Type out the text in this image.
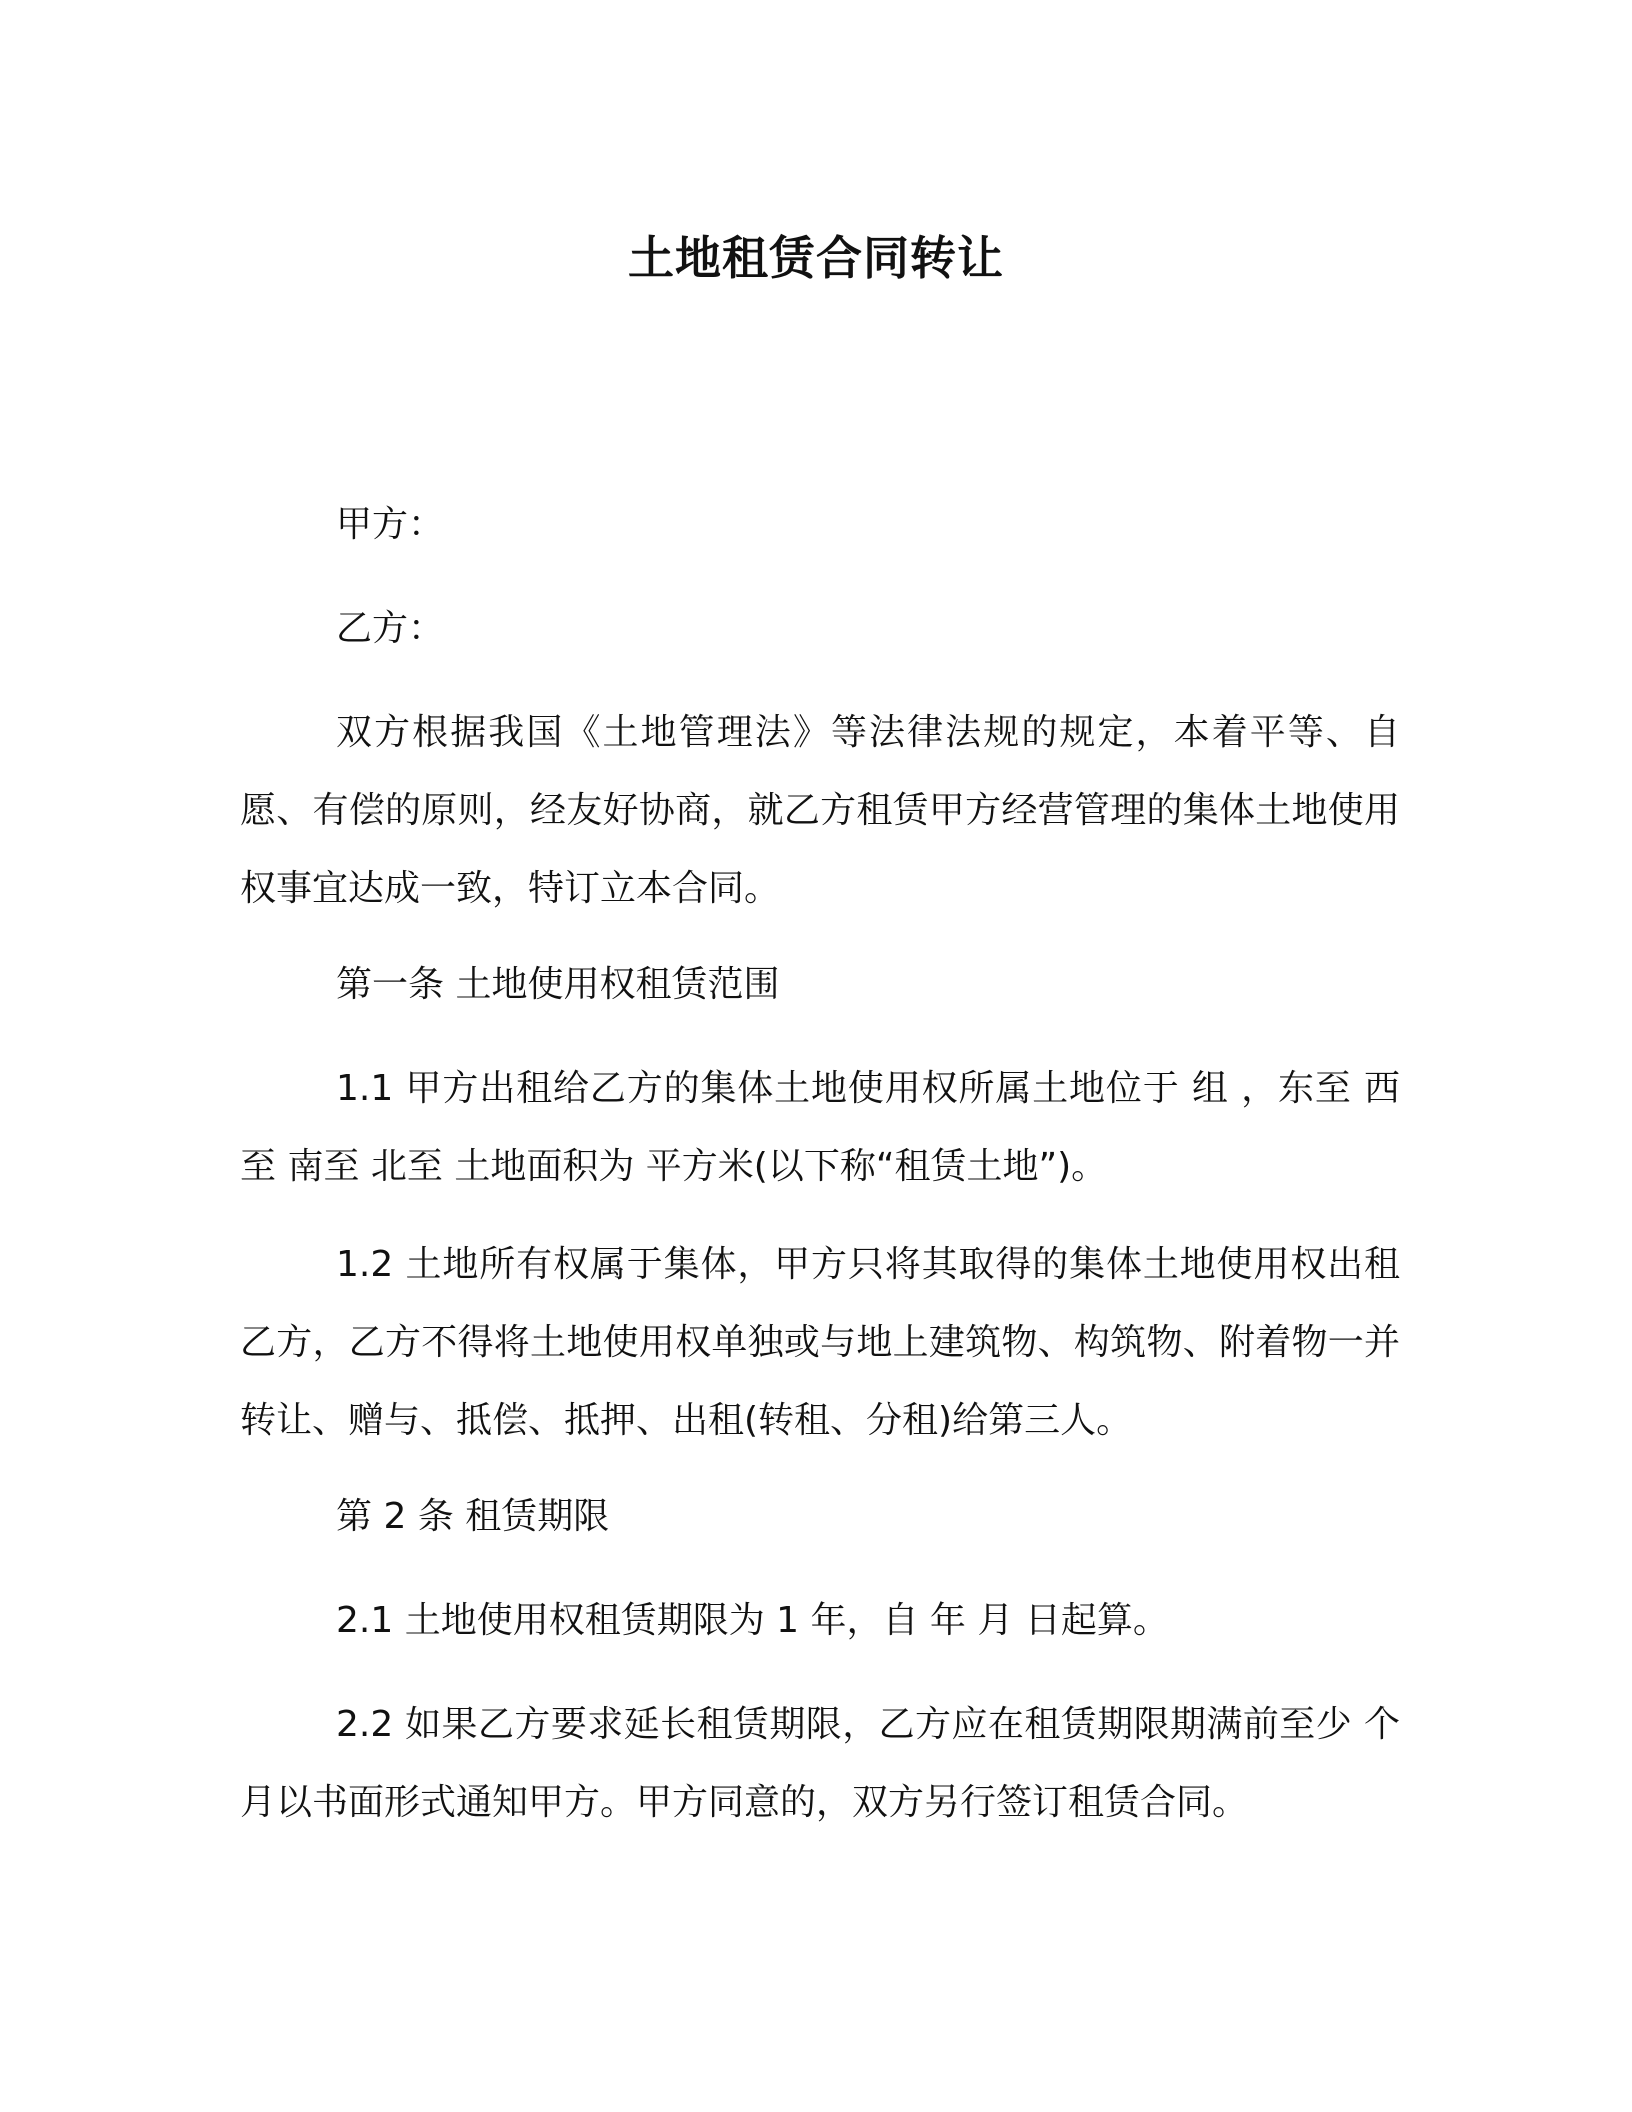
土地租赁合同转让

甲方：

乙方：

双方根据我国《土地管理法》等法律法规的规定，本着平等、自愿、有偿的原则，经友好协商，就乙方租赁甲方经营管理的集体土地使用权事宜达成一致，特订立本合同。

第一条 土地使用权租赁范围

1.1 甲方出租给乙方的集体土地使用权所属土地位于 组 ，东至 西至 南至 北至 土地面积为 平方米(以下称“租赁土地”)。

1.2 土地所有权属于集体，甲方只将其取得的集体土地使用权出租乙方，乙方不得将土地使用权单独或与地上建筑物、构筑物、附着物一并转让、赠与、抵偿、抵押、出租(转租、分租)给第三人。

第 2 条 租赁期限

2.1 土地使用权租赁期限为 1 年，自 年 月 日起算。

2.2 如果乙方要求延长租赁期限，乙方应在租赁期限期满前至少 个月以书面形式通知甲方。甲方同意的，双方另行签订租赁合同。
